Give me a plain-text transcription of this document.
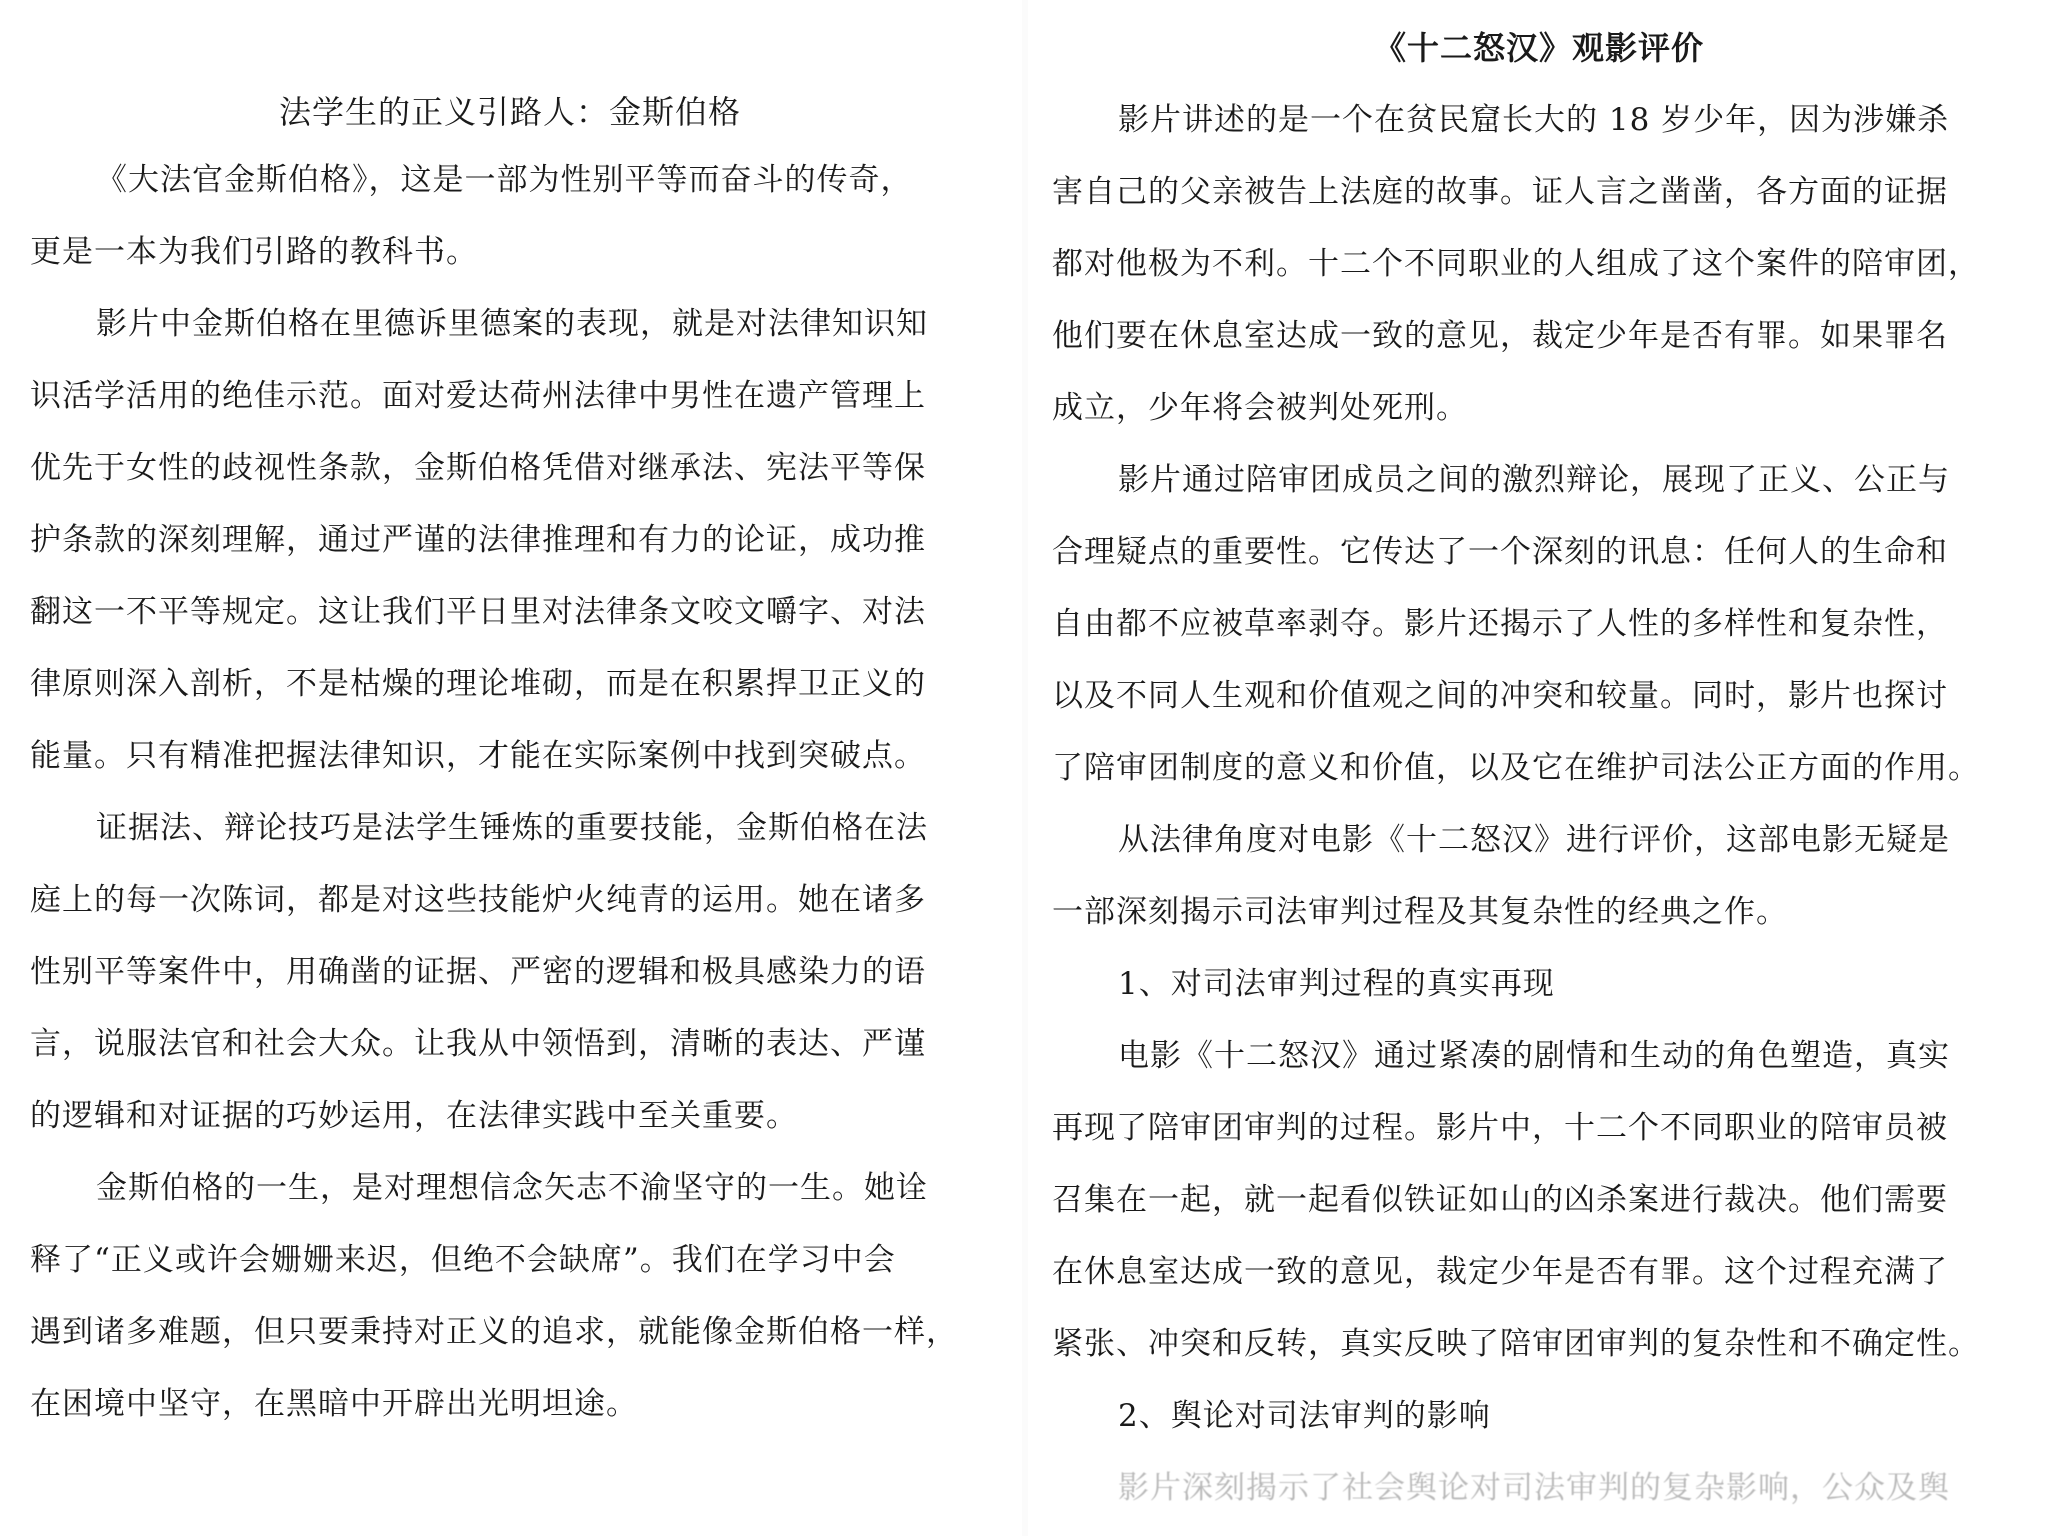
法学生的正义引路人：金斯伯格
《大法官金斯伯格》，这是一部为性别平等而奋斗的传奇，
更是一本为我们引路的教科书。
影片中金斯伯格在里德诉里德案的表现，就是对法律知识知
识活学活用的绝佳示范。面对爱达荷州法律中男性在遗产管理上
优先于女性的歧视性条款，金斯伯格凭借对继承法、宪法平等保
护条款的深刻理解，通过严谨的法律推理和有力的论证，成功推
翻这一不平等规定。这让我们平日里对法律条文咬文嚼字、对法
律原则深入剖析，不是枯燥的理论堆砌，而是在积累捍卫正义的
能量。只有精准把握法律知识，才能在实际案例中找到突破点。
证据法、辩论技巧是法学生锤炼的重要技能，金斯伯格在法
庭上的每一次陈词，都是对这些技能炉火纯青的运用。她在诸多
性别平等案件中，用确凿的证据、严密的逻辑和极具感染力的语
言，说服法官和社会大众。让我从中领悟到，清晰的表达、严谨
的逻辑和对证据的巧妙运用，在法律实践中至关重要。
金斯伯格的一生，是对理想信念矢志不渝坚守的一生。她诠
释了“正义或许会姗姗来迟，但绝不会缺席”。我们在学习中会
遇到诸多难题，但只要秉持对正义的追求，就能像金斯伯格一样，
在困境中坚守，在黑暗中开辟出光明坦途。
《十二怒汉》观影评价
影片讲述的是一个在贫民窟长大的 18 岁少年，因为涉嫌杀
害自己的父亲被告上法庭的故事。证人言之凿凿，各方面的证据
都对他极为不利。十二个不同职业的人组成了这个案件的陪审团，
他们要在休息室达成一致的意见，裁定少年是否有罪。如果罪名
成立，少年将会被判处死刑。
影片通过陪审团成员之间的激烈辩论，展现了正义、公正与
合理疑点的重要性。它传达了一个深刻的讯息：任何人的生命和
自由都不应被草率剥夺。影片还揭示了人性的多样性和复杂性，
以及不同人生观和价值观之间的冲突和较量。同时，影片也探讨
了陪审团制度的意义和价值，以及它在维护司法公正方面的作用。
从法律角度对电影《十二怒汉》进行评价，这部电影无疑是
一部深刻揭示司法审判过程及其复杂性的经典之作。
1、对司法审判过程的真实再现
电影《十二怒汉》通过紧凑的剧情和生动的角色塑造，真实
再现了陪审团审判的过程。影片中，十二个不同职业的陪审员被
召集在一起，就一起看似铁证如山的凶杀案进行裁决。他们需要
在休息室达成一致的意见，裁定少年是否有罪。这个过程充满了
紧张、冲突和反转，真实反映了陪审团审判的复杂性和不确定性。
2、舆论对司法审判的影响
影片深刻揭示了社会舆论对司法审判的复杂影响，公众及舆
